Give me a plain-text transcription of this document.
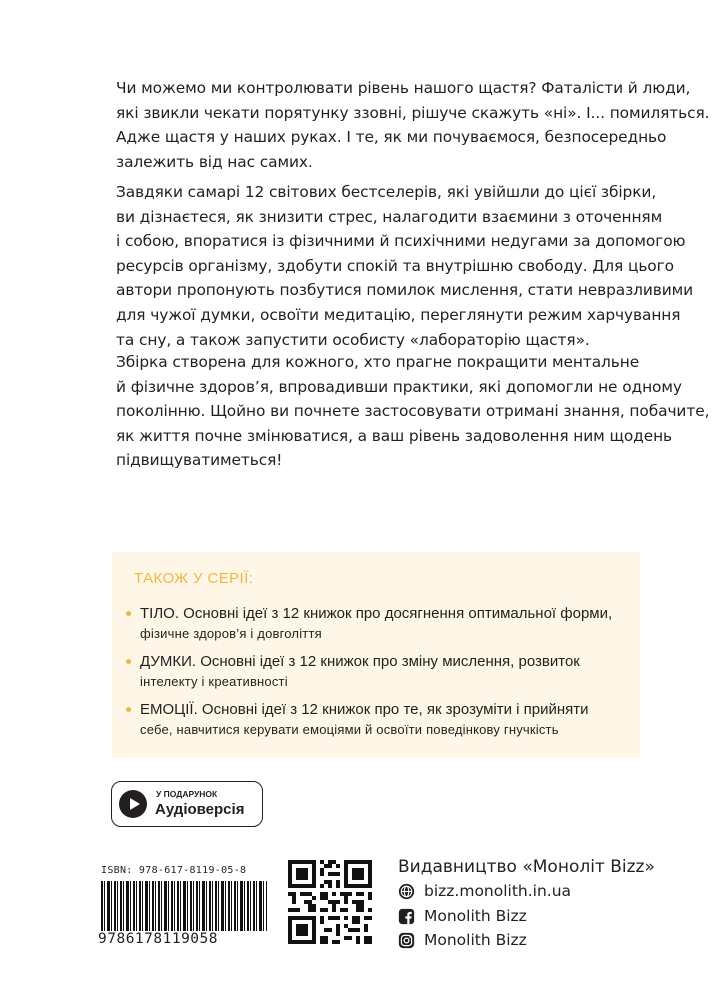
Чи можемо ми контролювати рівень нашого щастя? Фаталісти й люди,
які звикли чекати порятунку ззовні, рішуче скажуть «ні». І... помиляться.
Адже щастя у наших руках. І те, як ми почуваємося, безпосередньо
залежить від нас самих.
Завдяки самарі 12 світових бестселерів, які увійшли до цієї збірки,
ви дізнаєтеся, як знизити стрес, налагодити взаємини з оточенням
і собою, впоратися із фізичними й психічними недугами за допомогою
ресурсів організму, здобути спокій та внутрішню свободу. Для цього
автори пропонують позбутися помилок мислення, стати невразливими
для чужої думки, освоїти медитацію, переглянути режим харчування
та сну, а також запустити особисту «лабораторію щастя».
Збірка створена для кожного, хто прагне покращити ментальне
й фізичне здоров’я, впровадивши практики, які допомогли не одному
поколінню. Щойно ви почнете застосовувати отримані знання, побачите,
як життя почне змінюватися, а ваш рівень задоволення ним щодень
підвищуватиметься!
ТАКОЖ У СЕРІЇ:
ТІЛО. Основні ідеї з 12 книжок про досягнення оптимальної форми,
фізичне здоров’я і довголіття
ДУМКИ. Основні ідеї з 12 книжок про зміну мислення, розвиток
інтелекту і креативності
ЕМОЦІЇ. Основні ідеї з 12 книжок про те, як зрозуміти і прийняти
себе, навчитися керувати емоціями й освоїти поведінкову гнучкість
У ПОДАРУНОК
Аудіоверсія
ISBN: 978-617-8119-05-8
9786178119058
Видавництво «Моноліт Bizz»
bizz.monolith.in.ua
Monolith Bizz
Monolith Bizz
